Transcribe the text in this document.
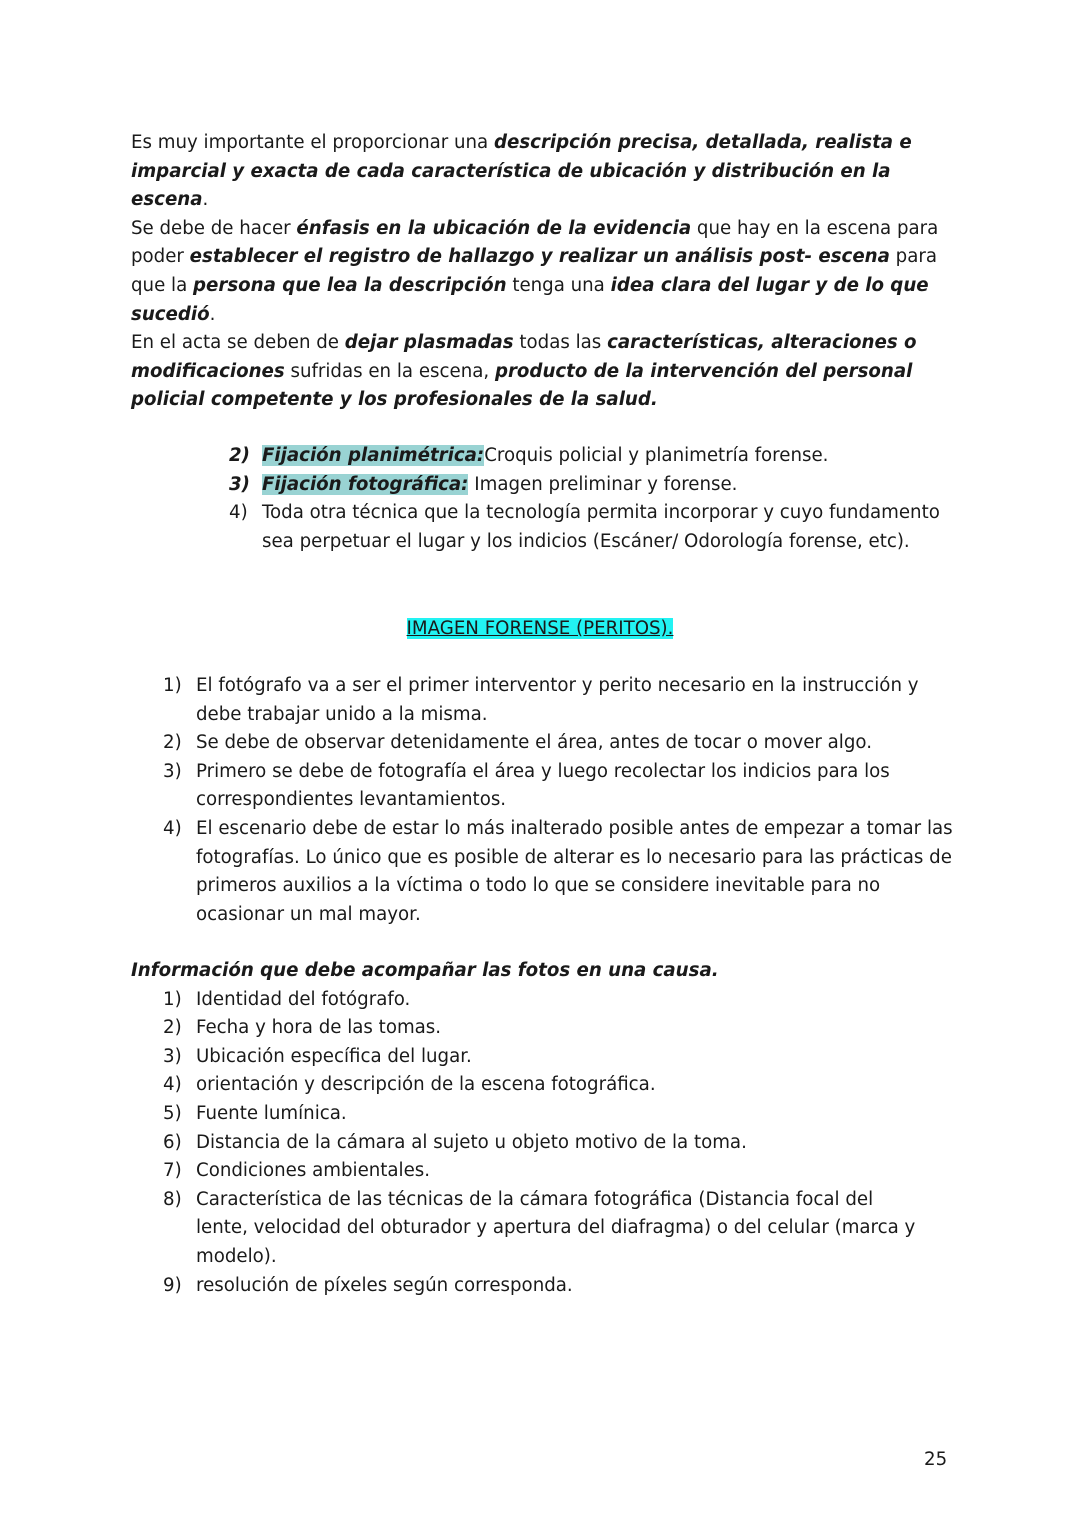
Es muy importante el proporcionar una descripción precisa, detallada, realista e imparcial y exacta de cada característica de ubicación y distribución en la escena.

Se debe de hacer énfasis en la ubicación de la evidencia que hay en la escena para poder establecer el registro de hallazgo y realizar un análisis post- escena para que la persona que lea la descripción tenga una idea clara del lugar y de lo que sucedió.

En el acta se deben de dejar plasmadas todas las características, alteraciones o modificaciones sufridas en la escena, producto de la intervención del personal policial competente y los profesionales de la salud.

2) Fijación planimétrica:Croquis policial y planimetría forense.
3) Fijación fotográfica: Imagen preliminar y forense.
4) Toda otra técnica que la tecnología permita incorporar y cuyo fundamento sea perpetuar el lugar y los indicios (Escáner/ Odorología forense, etc).
IMAGEN FORENSE (PERITOS).
1) El fotógrafo va a ser el primer interventor y perito necesario en la instrucción y debe trabajar unido a la misma.
2) Se debe de observar detenidamente el área, antes de tocar o mover algo.
3) Primero se debe de fotografía el área y luego recolectar los indicios para los correspondientes levantamientos.
4) El escenario debe de estar lo más inalterado posible antes de empezar a tomar las fotografías. Lo único que es posible de alterar es lo necesario para las prácticas de primeros auxilios a la víctima o todo lo que se considere inevitable para no ocasionar un mal mayor.

Información que debe acompañar las fotos en una causa.

1) Identidad del fotógrafo.
2) Fecha y hora de las tomas.
3) Ubicación específica del lugar.
4) orientación y descripción de la escena fotográfica.
5) Fuente lumínica.
6) Distancia de la cámara al sujeto u objeto motivo de la toma.
7) Condiciones ambientales.
8) Característica de las técnicas de la cámara fotográfica (Distancia focal del lente, velocidad del obturador y apertura del diafragma) o del celular (marca y modelo).
9) resolución de píxeles según corresponda.
25
